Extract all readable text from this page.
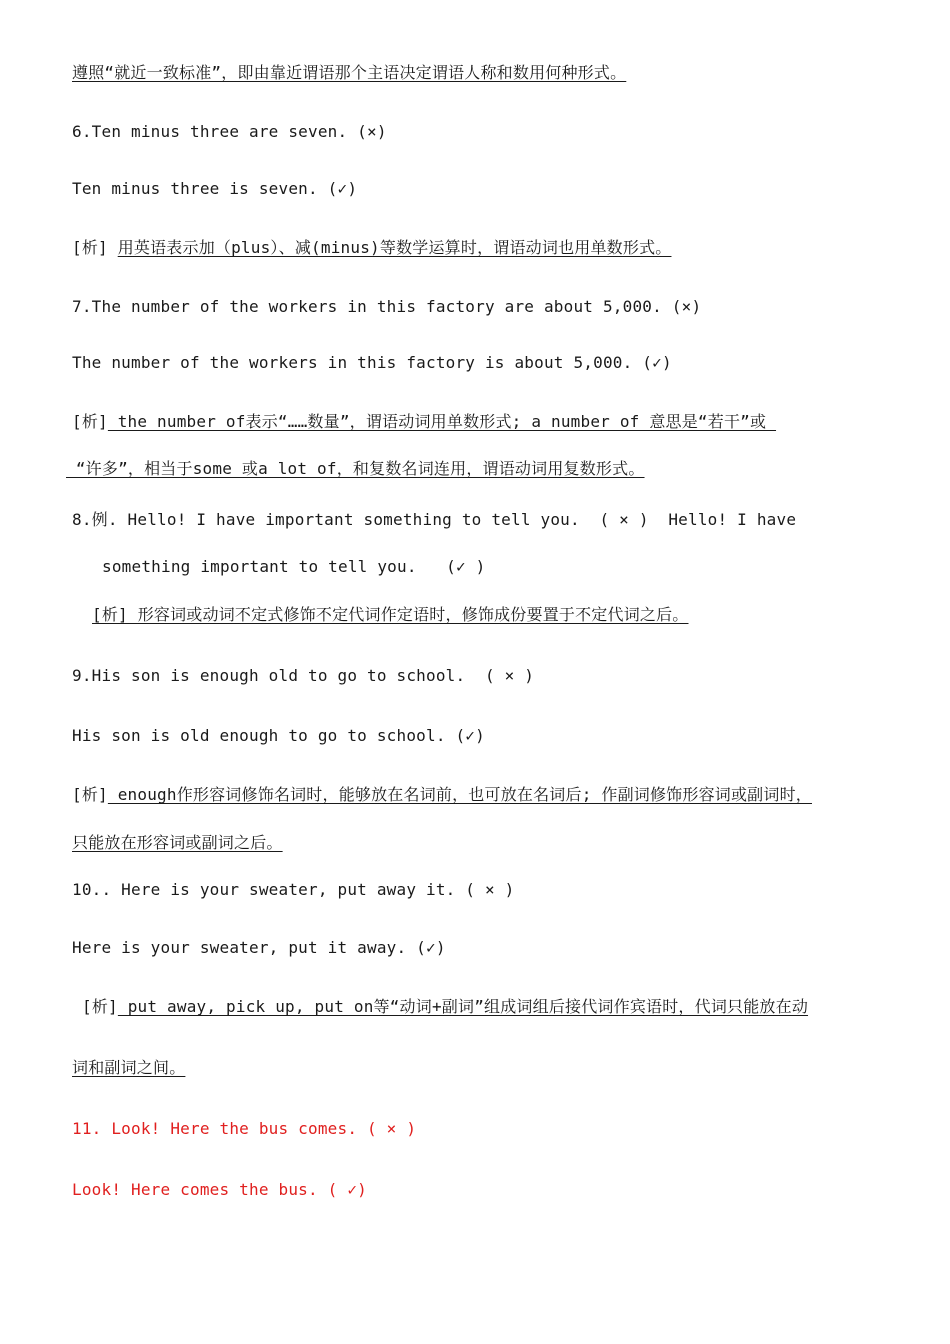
遵照“就近一致标准”，即由靠近谓语那个主语决定谓语人称和数用何种形式。
6.Ten minus three are seven. (×)
Ten minus three is seven. (✓)
[析] 用英语表示加（plus）、减(minus)等数学运算时，谓语动词也用单数形式。
7.The number of the workers in this factory are about 5,000. (×)
The number of the workers in this factory is about 5,000. (✓)
[析] the number of表示“……数量”，谓语动词用单数形式; a number of 意思是“若干”或
“许多”，相当于some 或a lot of，和复数名词连用，谓语动词用复数形式。
8.例. Hello! I have important something to tell you.  ( × )  Hello! I have
something important to tell you.   (✓ )
[析] 形容词或动词不定式修饰不定代词作定语时，修饰成份要置于不定代词之后。
9.His son is enough old to go to school.  ( × )
His son is old enough to go to school. (✓)
[析] enough作形容词修饰名词时，能够放在名词前，也可放在名词后; 作副词修饰形容词或副词时，
只能放在形容词或副词之后。
10.. Here is your sweater, put away it. ( × )
Here is your sweater, put it away. (✓)
[析] put away, pick up, put on等“动词+副词”组成词组后接代词作宾语时，代词只能放在动
词和副词之间。
11. Look! Here the bus comes. ( × )
Look! Here comes the bus. ( ✓)
